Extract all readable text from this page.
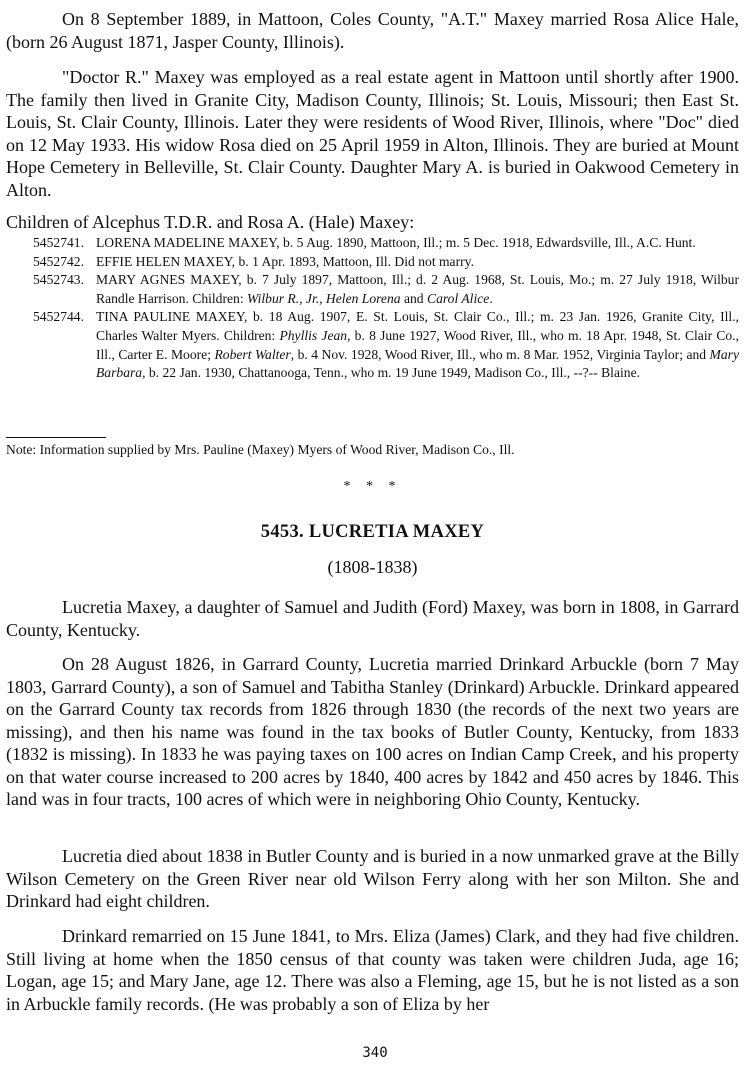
On 8 September 1889, in Mattoon, Coles County, "A.T." Maxey married Rosa Alice Hale, (born 26 August 1871, Jasper County, Illinois).

"Doctor R." Maxey was employed as a real estate agent in Mattoon until shortly after 1900. The family then lived in Granite City, Madison County, Illinois; St. Louis, Missouri; then East St. Louis, St. Clair County, Illinois. Later they were residents of Wood River, Illinois, where "Doc" died on 12 May 1933. His widow Rosa died on 25 April 1959 in Alton, Illinois. They are buried at Mount Hope Cemetery in Belleville, St. Clair County. Daughter Mary A. is buried in Oakwood Cemetery in Alton.

Children of Alcephus T.D.R. and Rosa A. (Hale) Maxey:

5452741. LORENA MADELINE MAXEY, b. 5 Aug. 1890, Mattoon, Ill.; m. 5 Dec. 1918, Edwardsville, Ill., A.C. Hunt.
5452742. EFFIE HELEN MAXEY, b. 1 Apr. 1893, Mattoon, Ill. Did not marry.
5452743. MARY AGNES MAXEY, b. 7 July 1897, Mattoon, Ill.; d. 2 Aug. 1968, St. Louis, Mo.; m. 27 July 1918, Wilbur Randle Harrison. Children: Wilbur R., Jr., Helen Lorena and Carol Alice.
5452744. TINA PAULINE MAXEY, b. 18 Aug. 1907, E. St. Louis, St. Clair Co., Ill.; m. 23 Jan. 1926, Granite City, Ill., Charles Walter Myers. Children: Phyllis Jean, b. 8 June 1927, Wood River, Ill., who m. 18 Apr. 1948, St. Clair Co., Ill., Carter E. Moore; Robert Walter, b. 4 Nov. 1928, Wood River, Ill., who m. 8 Mar. 1952, Virginia Taylor; and Mary Barbara, b. 22 Jan. 1930, Chattanooga, Tenn., who m. 19 June 1949, Madison Co., Ill., --?-- Blaine.

Note: Information supplied by Mrs. Pauline (Maxey) Myers of Wood River, Madison Co., Ill.

* * *

5453. LUCRETIA MAXEY

(1808-1838)

Lucretia Maxey, a daughter of Samuel and Judith (Ford) Maxey, was born in 1808, in Garrard County, Kentucky.

On 28 August 1826, in Garrard County, Lucretia married Drinkard Arbuckle (born 7 May 1803, Garrard County), a son of Samuel and Tabitha Stanley (Drinkard) Arbuckle. Drinkard appeared on the Garrard County tax records from 1826 through 1830 (the records of the next two years are missing), and then his name was found in the tax books of Butler County, Kentucky, from 1833 (1832 is missing). In 1833 he was paying taxes on 100 acres on Indian Camp Creek, and his property on that water course increased to 200 acres by 1840, 400 acres by 1842 and 450 acres by 1846. This land was in four tracts, 100 acres of which were in neighboring Ohio County, Kentucky.

Lucretia died about 1838 in Butler County and is buried in a now unmarked grave at the Billy Wilson Cemetery on the Green River near old Wilson Ferry along with her son Milton. She and Drinkard had eight children.

Drinkard remarried on 15 June 1841, to Mrs. Eliza (James) Clark, and they had five children. Still living at home when the 1850 census of that county was taken were children Juda, age 16; Logan, age 15; and Mary Jane, age 12. There was also a Fleming, age 15, but he is not listed as a son in Arbuckle family records. (He was probably a son of Eliza by her

340
